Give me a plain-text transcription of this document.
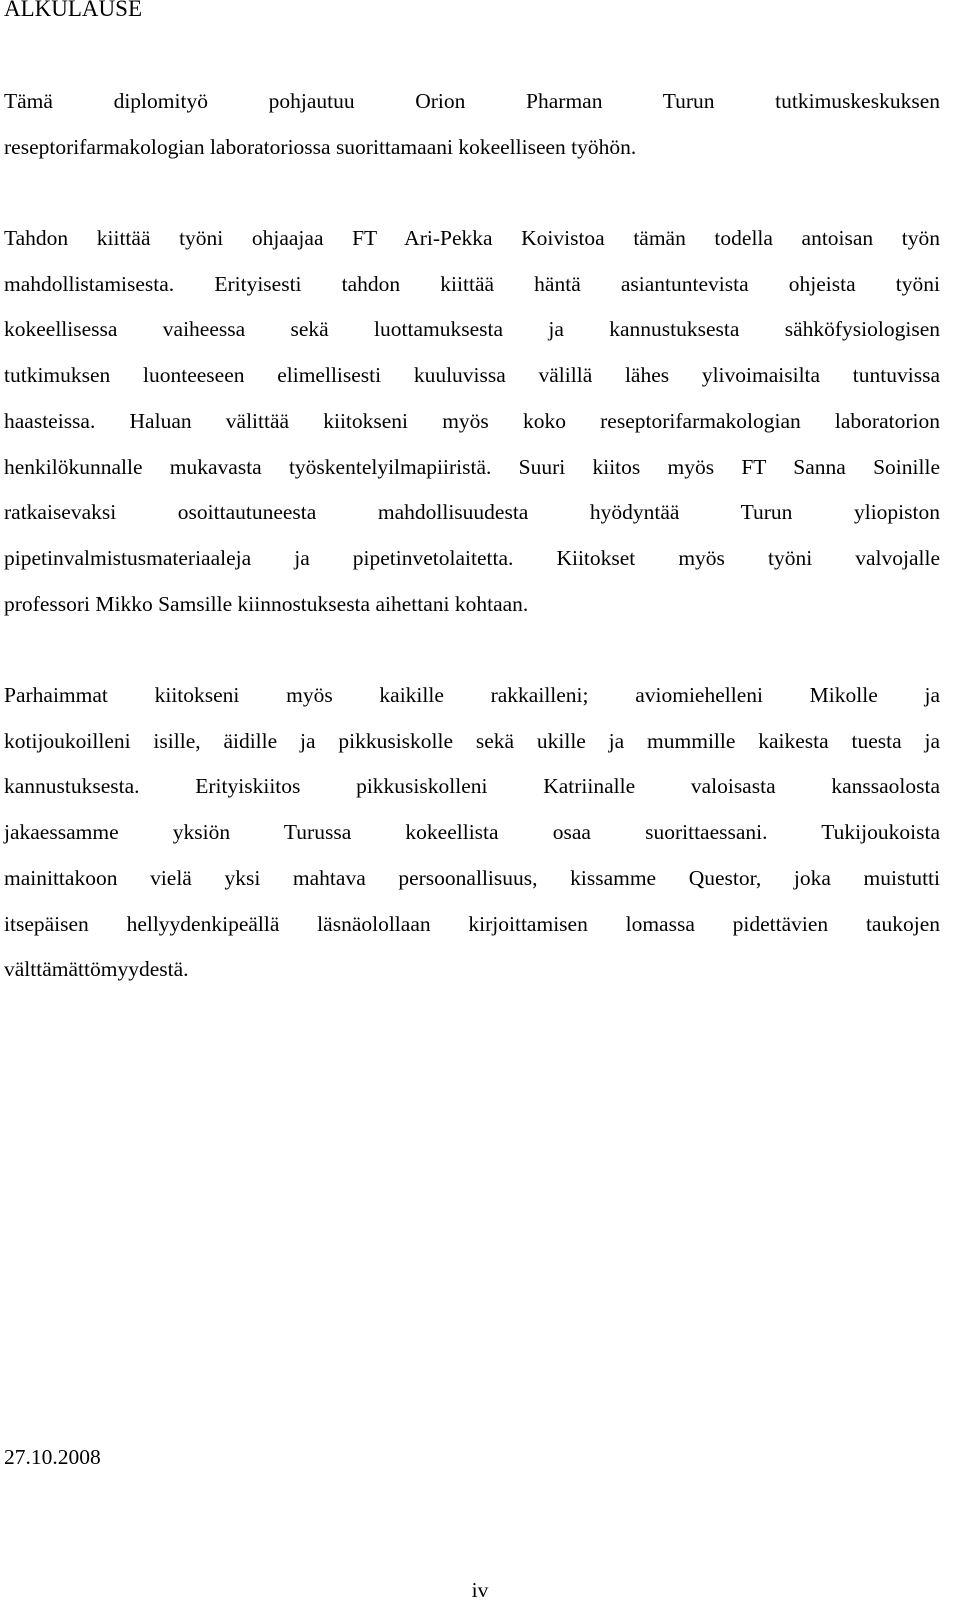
ALKULAUSE
Tämä diplomityö pohjautuu Orion Pharman Turun tutkimuskeskuksen
reseptorifarmakologian laboratoriossa suorittamaani kokeelliseen työhön.
Tahdon kiittää työni ohjaajaa FT Ari-Pekka Koivistoa tämän todella antoisan työn
mahdollistamisesta. Erityisesti tahdon kiittää häntä asiantuntevista ohjeista työni
kokeellisessa vaiheessa sekä luottamuksesta ja kannustuksesta sähköfysiologisen
tutkimuksen luonteeseen elimellisesti kuuluvissa välillä lähes ylivoimaisilta tuntuvissa
haasteissa. Haluan välittää kiitokseni myös koko reseptorifarmakologian laboratorion
henkilökunnalle mukavasta työskentelyilmapiiristä. Suuri kiitos myös FT Sanna Soinille
ratkaisevaksi osoittautuneesta mahdollisuudesta hyödyntää Turun yliopiston
pipetinvalmistusmateriaaleja ja pipetinvetolaitetta. Kiitokset myös työni valvojalle
professori Mikko Samsille kiinnostuksesta aihettani kohtaan.
Parhaimmat kiitokseni myös kaikille rakkailleni; aviomiehelleni Mikolle ja
kotijoukoilleni isille, äidille ja pikkusiskolle sekä ukille ja mummille kaikesta tuesta ja
kannustuksesta. Erityiskiitos pikkusiskolleni Katriinalle valoisasta kanssaolosta
jakaessamme yksiön Turussa kokeellista osaa suorittaessani. Tukijoukoista
mainittakoon vielä yksi mahtava persoonallisuus, kissamme Questor, joka muistutti
itsepäisen hellyydenkipeällä läsnäolollaan kirjoittamisen lomassa pidettävien taukojen
välttämättömyydestä.

27.10.2008

iv
